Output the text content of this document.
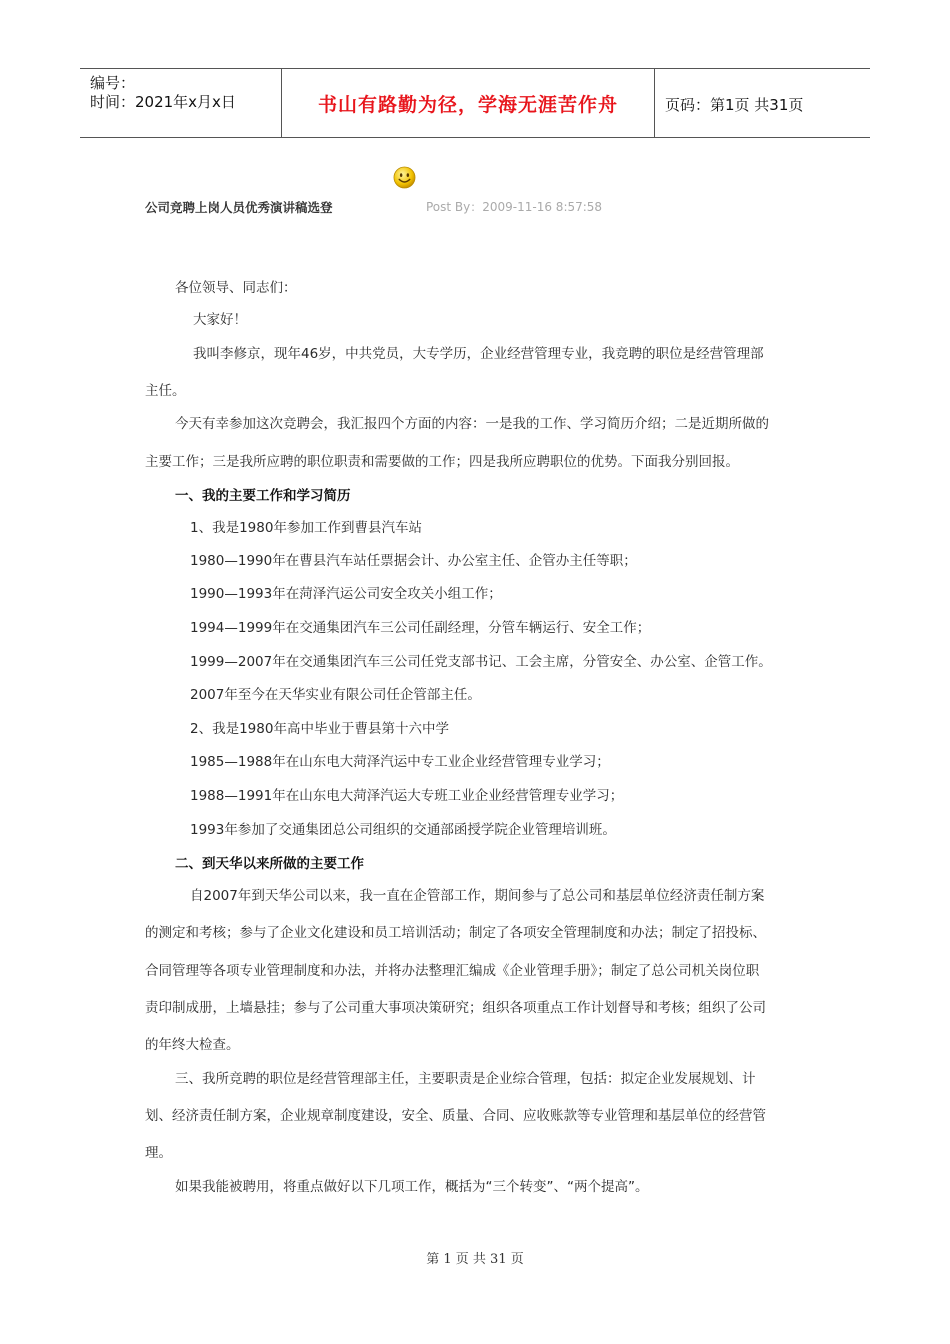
编号：
时间：2021年x月x日	书山有路勤为径，学海无涯苦作舟	页码：第1页 共31页
公司竞聘上岗人员优秀演讲稿选登	Post By：2009-11-16 8:57:58
各位领导、同志们：
大家好！
我叫李修京，现年46岁，中共党员，大专学历，企业经营管理专业，我竞聘的职位是经营管理部
主任。
今天有幸参加这次竞聘会，我汇报四个方面的内容：一是我的工作、学习简历介绍；二是近期所做的
主要工作；三是我所应聘的职位职责和需要做的工作；四是我所应聘职位的优势。下面我分别回报。
一、我的主要工作和学习简历
1、我是1980年参加工作到曹县汽车站
1980—1990年在曹县汽车站任票据会计、办公室主任、企管办主任等职；
1990—1993年在菏泽汽运公司安全攻关小组工作；
1994—1999年在交通集团汽车三公司任副经理，分管车辆运行、安全工作；
1999—2007年在交通集团汽车三公司任党支部书记、工会主席，分管安全、办公室、企管工作。
2007年至今在天华实业有限公司任企管部主任。
2、我是1980年高中毕业于曹县第十六中学
1985—1988年在山东电大菏泽汽运中专工业企业经营管理专业学习；
1988—1991年在山东电大菏泽汽运大专班工业企业经营管理专业学习；
1993年参加了交通集团总公司组织的交通部函授学院企业管理培训班。
二、到天华以来所做的主要工作
自2007年到天华公司以来，我一直在企管部工作，期间参与了总公司和基层单位经济责任制方案
的测定和考核；参与了企业文化建设和员工培训活动；制定了各项安全管理制度和办法；制定了招投标、
合同管理等各项专业管理制度和办法，并将办法整理汇编成《企业管理手册》；制定了总公司机关岗位职
责印制成册，上墙悬挂；参与了公司重大事项决策研究；组织各项重点工作计划督导和考核；组织了公司
的年终大检查。
三、我所竞聘的职位是经营管理部主任，主要职责是企业综合管理，包括：拟定企业发展规划、计
划、经济责任制方案，企业规章制度建设，安全、质量、合同、应收账款等专业管理和基层单位的经营管
理。
如果我能被聘用，将重点做好以下几项工作，概括为“三个转变”、“两个提高”。
第 1 页 共 31 页
